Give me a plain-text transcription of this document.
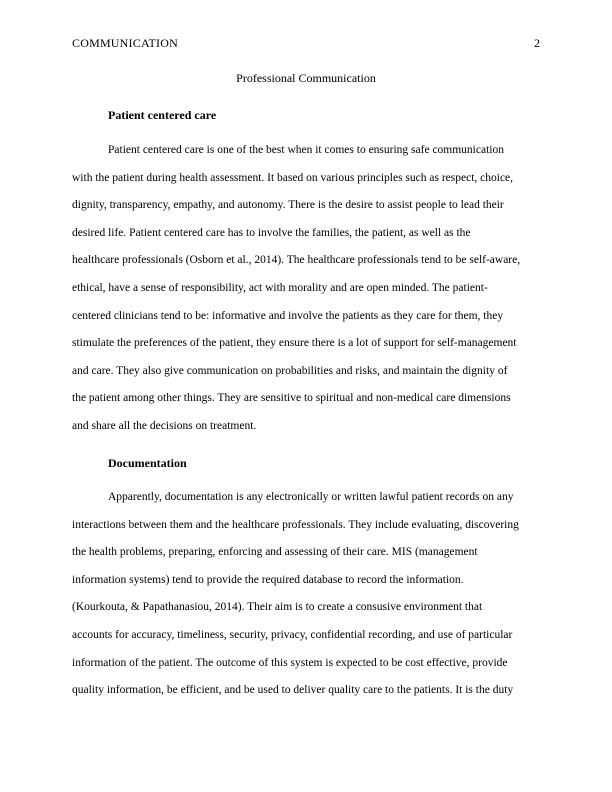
COMMUNICATION	2
Professional Communication
Patient centered care
Patient centered care is one of the best when it comes to ensuring safe communication
with the patient during health assessment. It based on various principles such as respect, choice,
dignity, transparency, empathy, and autonomy. There is the desire to assist people to lead their
desired life. Patient centered care has to involve the families, the patient, as well as the
healthcare professionals (Osborn et al., 2014). The healthcare professionals tend to be self-aware,
ethical, have a sense of responsibility, act with morality and are open minded. The patient-
centered clinicians tend to be: informative and involve the patients as they care for them, they
stimulate the preferences of the patient, they ensure there is a lot of support for self-management
and care. They also give communication on probabilities and risks, and maintain the dignity of
the patient among other things. They are sensitive to spiritual and non-medical care dimensions
and share all the decisions on treatment.
Documentation
Apparently, documentation is any electronically or written lawful patient records on any
interactions between them and the healthcare professionals. They include evaluating, discovering
the health problems, preparing, enforcing and assessing of their care. MIS (management
information systems) tend to provide the required database to record the information.
(Kourkouta, & Papathanasiou, 2014). Their aim is to create a consusive environment that
accounts for accuracy, timeliness, security, privacy, confidential recording, and use of particular
information of the patient. The outcome of this system is expected to be cost effective, provide
quality information, be efficient, and be used to deliver quality care to the patients. It is the duty
